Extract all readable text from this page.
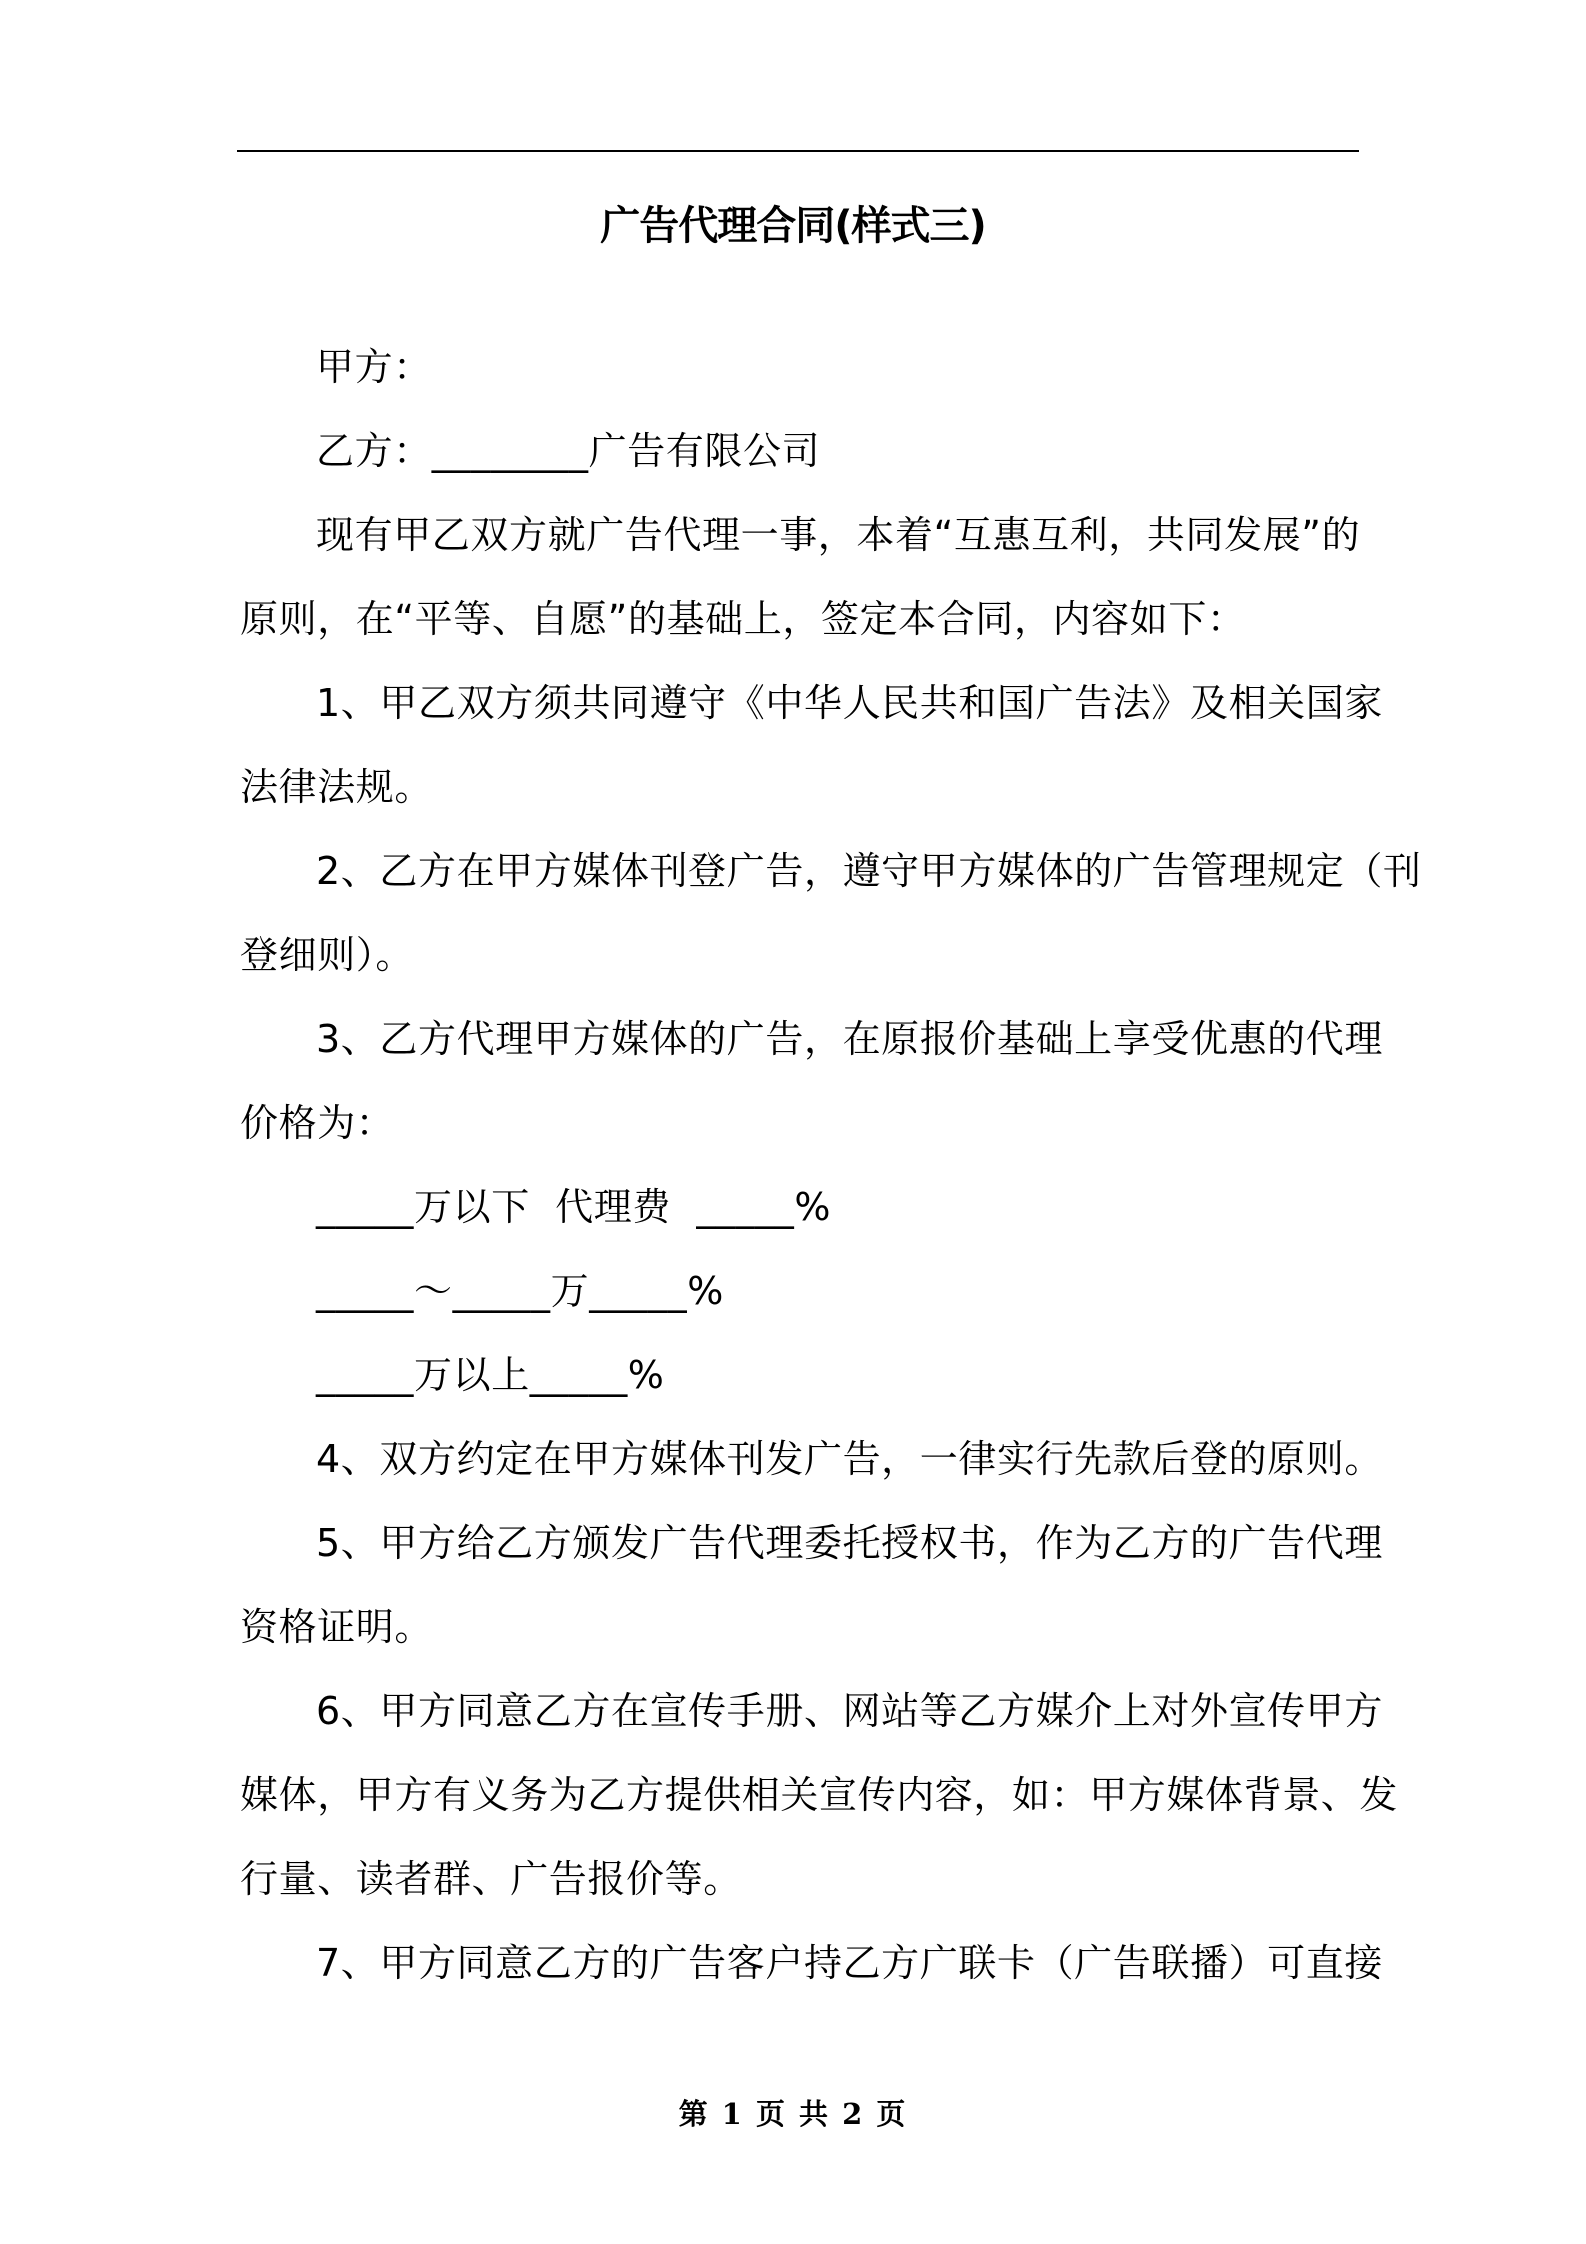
广告代理合同(样式三)

甲方：

乙方：________广告有限公司

现有甲乙双方就广告代理一事，本着“互惠互利，共同发展”的
原则，在“平等、自愿”的基础上，签定本合同，内容如下：

1、甲乙双方须共同遵守《中华人民共和国广告法》及相关国家
法律法规。

2、乙方在甲方媒体刊登广告，遵守甲方媒体的广告管理规定（刊
登细则）。

3、乙方代理甲方媒体的广告，在原报价基础上享受优惠的代理
价格为：

_____万以下  代理费  _____%

_____～_____万_____%

_____万以上_____%

4、双方约定在甲方媒体刊发广告，一律实行先款后登的原则。

5、甲方给乙方颁发广告代理委托授权书，作为乙方的广告代理
资格证明。

6、甲方同意乙方在宣传手册、网站等乙方媒介上对外宣传甲方
媒体，甲方有义务为乙方提供相关宣传内容，如：甲方媒体背景、发
行量、读者群、广告报价等。

7、甲方同意乙方的广告客户持乙方广联卡（广告联播）可直接

第 1 页 共 2 页
